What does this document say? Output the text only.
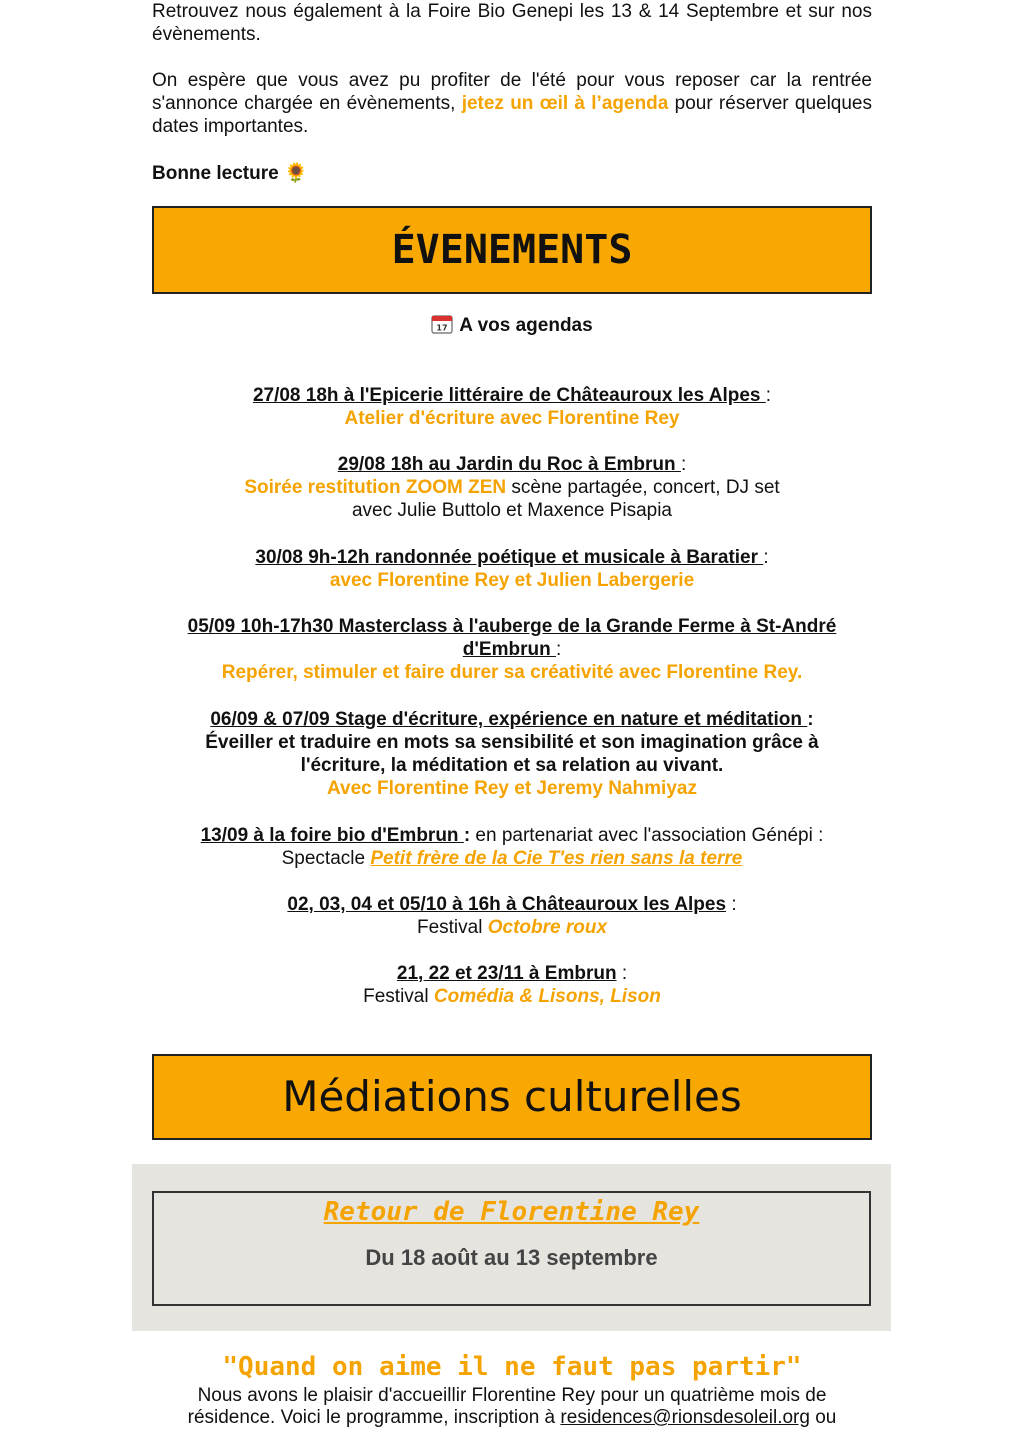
Retrouvez nous également à la Foire Bio Genepi les 13 & 14 Septembre et sur nos évènements.

On espère que vous avez pu profiter de l'été pour vous reposer car la rentrée s'annonce chargée en évènements, jetez un œil à l’agenda pour réserver quelques dates importantes.

Bonne lecture 🌻

ÉVENEMENTS
17 A vos agendas
27/08 18h à l'Epicerie littéraire de Châteauroux les Alpes :
Atelier d'écriture avec Florentine Rey
29/08 18h au Jardin du Roc à Embrun :
Soirée restitution ZOOM ZEN scène partagée, concert, DJ set
avec Julie Buttolo et Maxence Pisapia
30/08 9h-12h randonnée poétique et musicale à Baratier :
avec Florentine Rey et Julien Labergerie
05/09 10h-17h30 Masterclass à l'auberge de la Grande Ferme à St-André
d'Embrun :
Repérer, stimuler et faire durer sa créativité avec Florentine Rey.
06/09 & 07/09 Stage d'écriture, expérience en nature et méditation :
Éveiller et traduire en mots sa sensibilité et son imagination grâce à
l'écriture, la méditation et sa relation au vivant.
Avec Florentine Rey et Jeremy Nahmiyaz
13/09 à la foire bio d'Embrun : en partenariat avec l'association Génépi :
Spectacle Petit frère de la Cie T'es rien sans la terre
02, 03, 04 et 05/10 à 16h à Châteauroux les Alpes :
Festival Octobre roux
21, 22 et 23/11 à Embrun :
Festival Comédia & Lisons, Lison
Médiations culturelles
Retour de Florentine Rey
Du 18 août au 13 septembre
"Quand on aime il ne faut pas partir"
Nous avons le plaisir d'accueillir Florentine Rey pour un quatrième mois de
résidence. Voici le programme, inscription à residences@rionsdesoleil.org ou
